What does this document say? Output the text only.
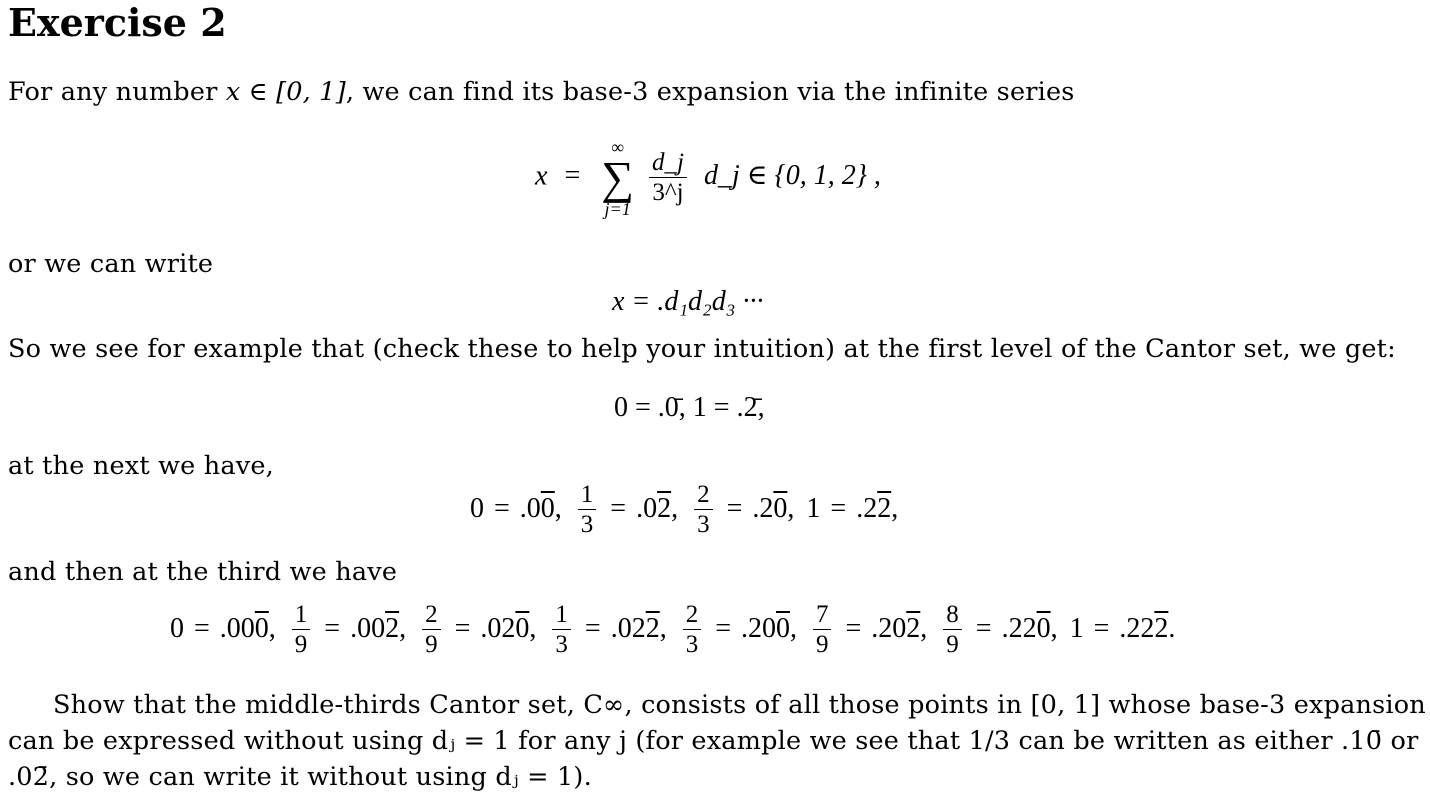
Exercise 2
For any number x ∈ [0, 1], we can find its base-3 expansion via the infinite series
x =
∞
∑
j=1

$\frac{d\_j}{3\^{}j}$ d_j ∈ {0, 1, 2} ,
or we can write
x = .d₁d₂d₃ ···
So we see for example that (check these to help your intuition) at the first level of the Cantor set, we get:
0 = .0̄, 1 = .2̄,
at the next we have,
0 = .00, $\frac{1}{3} = .02$, $\frac{2}{3} = .20$, 1 = .22,
and then at the third we have
0 = .000, $\frac{1}{9} = .002$, $\frac{2}{9} = .020$, $\frac{1}{3} = .022$, $\frac{2}{3} = .200$, $\frac{7}{9} = .202$, $\frac{8}{9} = .220$, 1 = .222.
Show that the middle-thirds Cantor set, C∞, consists of all those points in [0, 1] whose base-3 expansion
can be expressed without using dⱼ = 1 for any j (for example we see that 1/3 can be written as either .10̄ or
.02̄, so we can write it without using dⱼ = 1).
